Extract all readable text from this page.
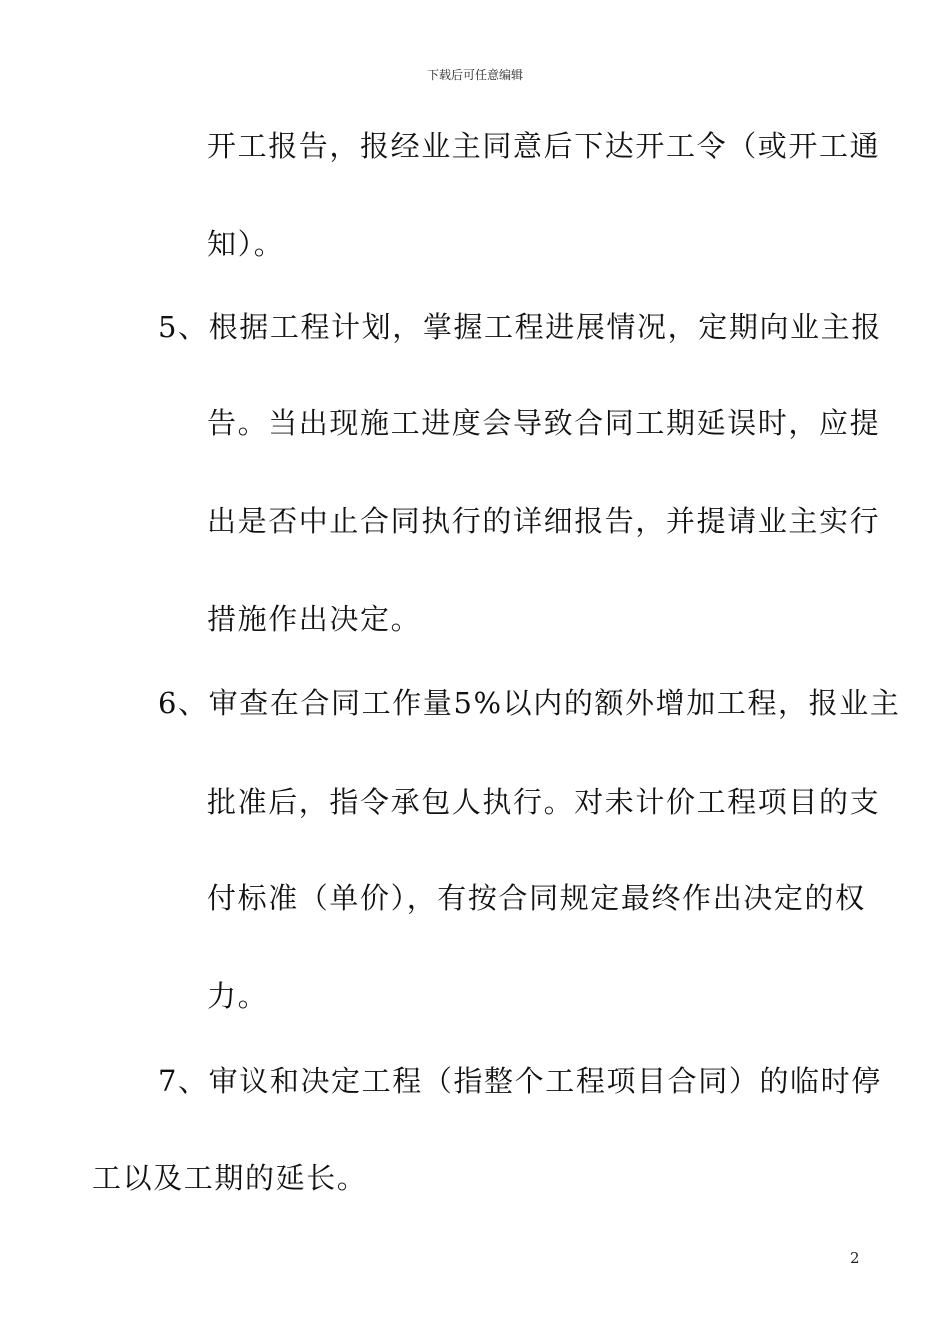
下载后可任意编辑
开工报告，报经业主同意后下达开工令（或开工通
知）。
5、根据工程计划，掌握工程进展情况，定期向业主报
告。当出现施工进度会导致合同工期延误时，应提
出是否中止合同执行的详细报告，并提请业主实行
措施作出决定。
6、审查在合同工作量5%以内的额外增加工程，报业主
批准后，指令承包人执行。对未计价工程项目的支
付标准（单价），有按合同规定最终作出决定的权
力。
7、审议和决定工程（指整个工程项目合同）的临时停
工以及工期的延长。
2
